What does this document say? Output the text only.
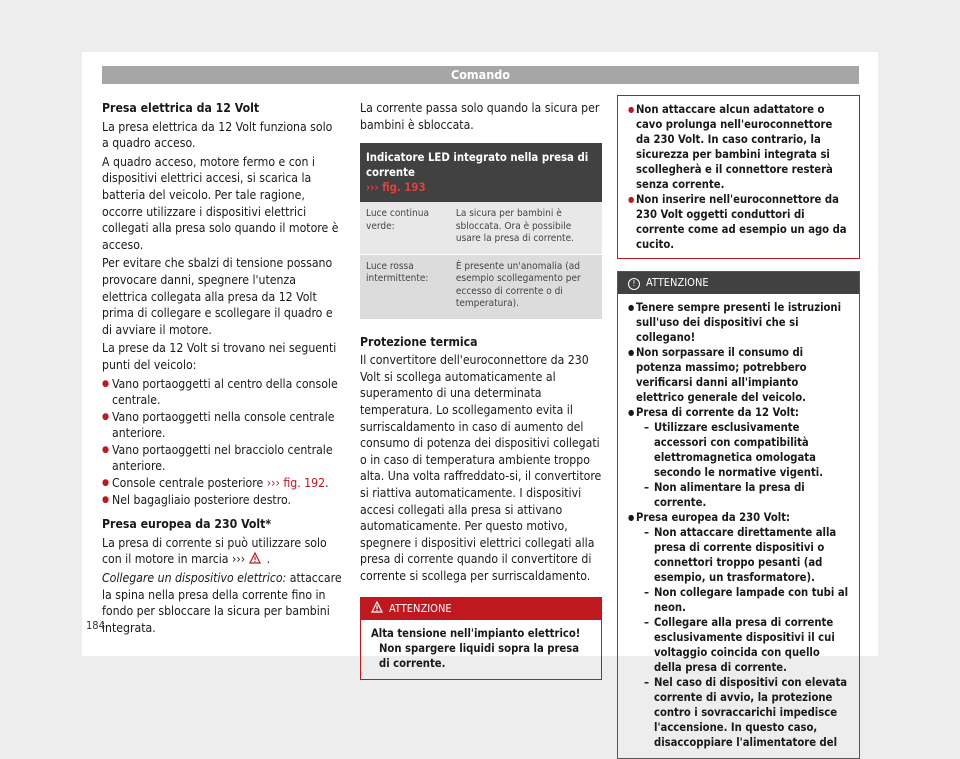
Comando

Presa elettrica da 12 Volt

La presa elettrica da 12 Volt funziona solo a quadro acceso.

A quadro acceso, motore fermo e con i dispositivi elettrici accesi, si scarica la batteria del veicolo. Per tale ragione, occorre utilizzare i dispositivi elettrici collegati alla presa solo quando il motore è acceso.

Per evitare che sbalzi di tensione possano provocare danni, spegnere l'utenza elettrica collegata alla presa da 12 Volt prima di collegare e scollegare il quadro e di avviare il motore.

La prese da 12 Volt si trovano nei seguenti punti del veicolo:

● Vano portaoggetti al centro della console centrale.
● Vano portaoggetti nella console centrale anteriore.
● Vano portaoggetti nel bracciolo centrale anteriore.
● Console centrale posteriore ››› fig. 192.
● Nel bagagliaio posteriore destro.

Presa europea da 230 Volt*

La presa di corrente si può utilizzare solo con il motore in marcia ››› .

Collegare un dispositivo elettrico: attaccare la spina nella presa della corrente fino in fondo per sbloccare la sicura per bambini integrata.

La corrente passa solo quando la sicura per bambini è sbloccata.

Indicatore LED integrato nella presa di corrente
››› fig. 193
Luce continua verde:
La sicura per bambini è sbloccata. Ora è possibile usare la presa di corrente.
Luce rossa intermittente:
È presente un'anomalia (ad esempio scollegamento per eccesso di corrente o di temperatura).

Protezione termica

Il convertitore dell'euroconnettore da 230 Volt si scollega automaticamente al superamento di una determinata temperatura. Lo scollegamento evita il surriscaldamento in caso di aumento del consumo di potenza dei dispositivi collegati o in caso di temperatura ambiente troppo alta. Una volta raffreddato-si, il convertitore si riattiva automaticamente. I dispositivi accesi collegati alla presa si attivano automaticamente. Per questo motivo, spegnere i dispositivi elettrici collegati alla presa di corrente quando il convertitore di corrente si scollega per surriscaldamento.

ATTENZIONE
Alta tensione nell'impianto elettrico!
● Non spargere liquidi sopra la presa di corrente.
● Non attaccare alcun adattatore o cavo prolunga nell'euroconnettore da 230 Volt. In caso contrario, la sicurezza per bambini integrata si scollegherà e il connettore resterà senza corrente.
● Non inserire nell'euroconnettore da 230 Volt oggetti conduttori di corrente come ad esempio un ago da cucito.
! ATTENZIONE
● Tenere sempre presenti le istruzioni sull'uso dei dispositivi che si collegano!
● Non sorpassare il consumo di potenza massimo; potrebbero verificarsi danni all'impianto elettrico generale del veicolo.
● Presa di corrente da 12 Volt:
– Utilizzare esclusivamente accessori con compatibilità elettromagnetica omologata secondo le normative vigenti.
– Non alimentare la presa di corrente.
● Presa europea da 230 Volt:
– Non attaccare direttamente alla presa di corrente dispositivi o connettori troppo pesanti (ad esempio, un trasformatore).
– Non collegare lampade con tubi al neon.
– Collegare alla presa di corrente esclusivamente dispositivi il cui voltaggio coincida con quello della presa di corrente.
– Nel caso di dispositivi con elevata corrente di avvio, la protezione contro i sovraccarichi impedisce l'accensione. In questo caso, disaccoppiare l'alimentatore del
184
